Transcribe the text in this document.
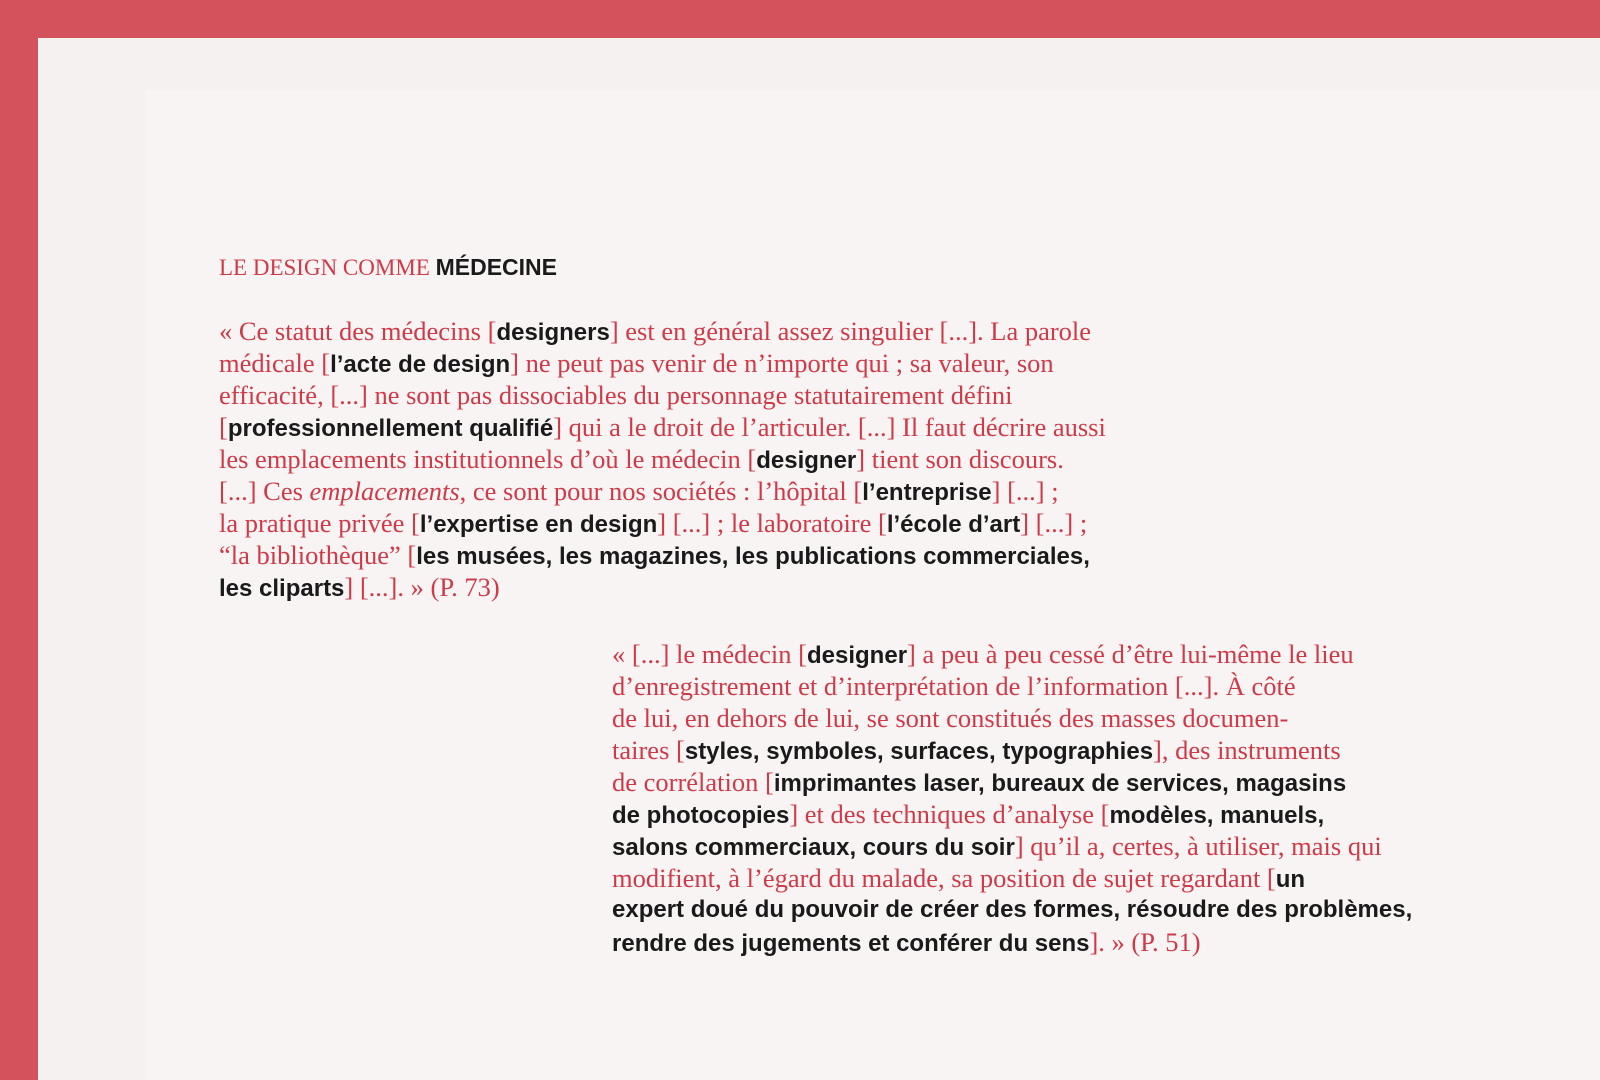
LE DESIGN COMME MÉDECINE
« Ce statut des médecins [designers] est en général assez singulier [...]. La parole
médicale [l’acte de design] ne peut pas venir de n’importe qui ; sa valeur, son
efficacité, [...] ne sont pas dissociables du personnage statutairement défini
[professionnellement qualifié] qui a le droit de l’articuler. [...] Il faut décrire aussi
les emplacements institutionnels d’où le médecin [designer] tient son discours.
[...] Ces emplacements, ce sont pour nos sociétés : l’hôpital [l’entreprise] [...] ;
la pratique privée [l’expertise en design] [...] ; le laboratoire [l’école d’art] [...] ;
“la bibliothèque” [les musées, les magazines, les publications commerciales,
les cliparts] [...]. » (P. 73)
« [...] le médecin [designer] a peu à peu cessé d’être lui-même le lieu
d’enregistrement et d’interprétation de l’information [...]. À côté
de lui, en dehors de lui, se sont constitués des masses documen-
taires [styles, symboles, surfaces, typographies], des instruments
de corrélation [imprimantes laser, bureaux de services, magasins
de photocopies] et des techniques d’analyse [modèles, manuels,
salons commerciaux, cours du soir] qu’il a, certes, à utiliser, mais qui
modifient, à l’égard du malade, sa position de sujet regardant [un
expert doué du pouvoir de créer des formes, résoudre des problèmes,
rendre des jugements et conférer du sens]. » (P. 51)
